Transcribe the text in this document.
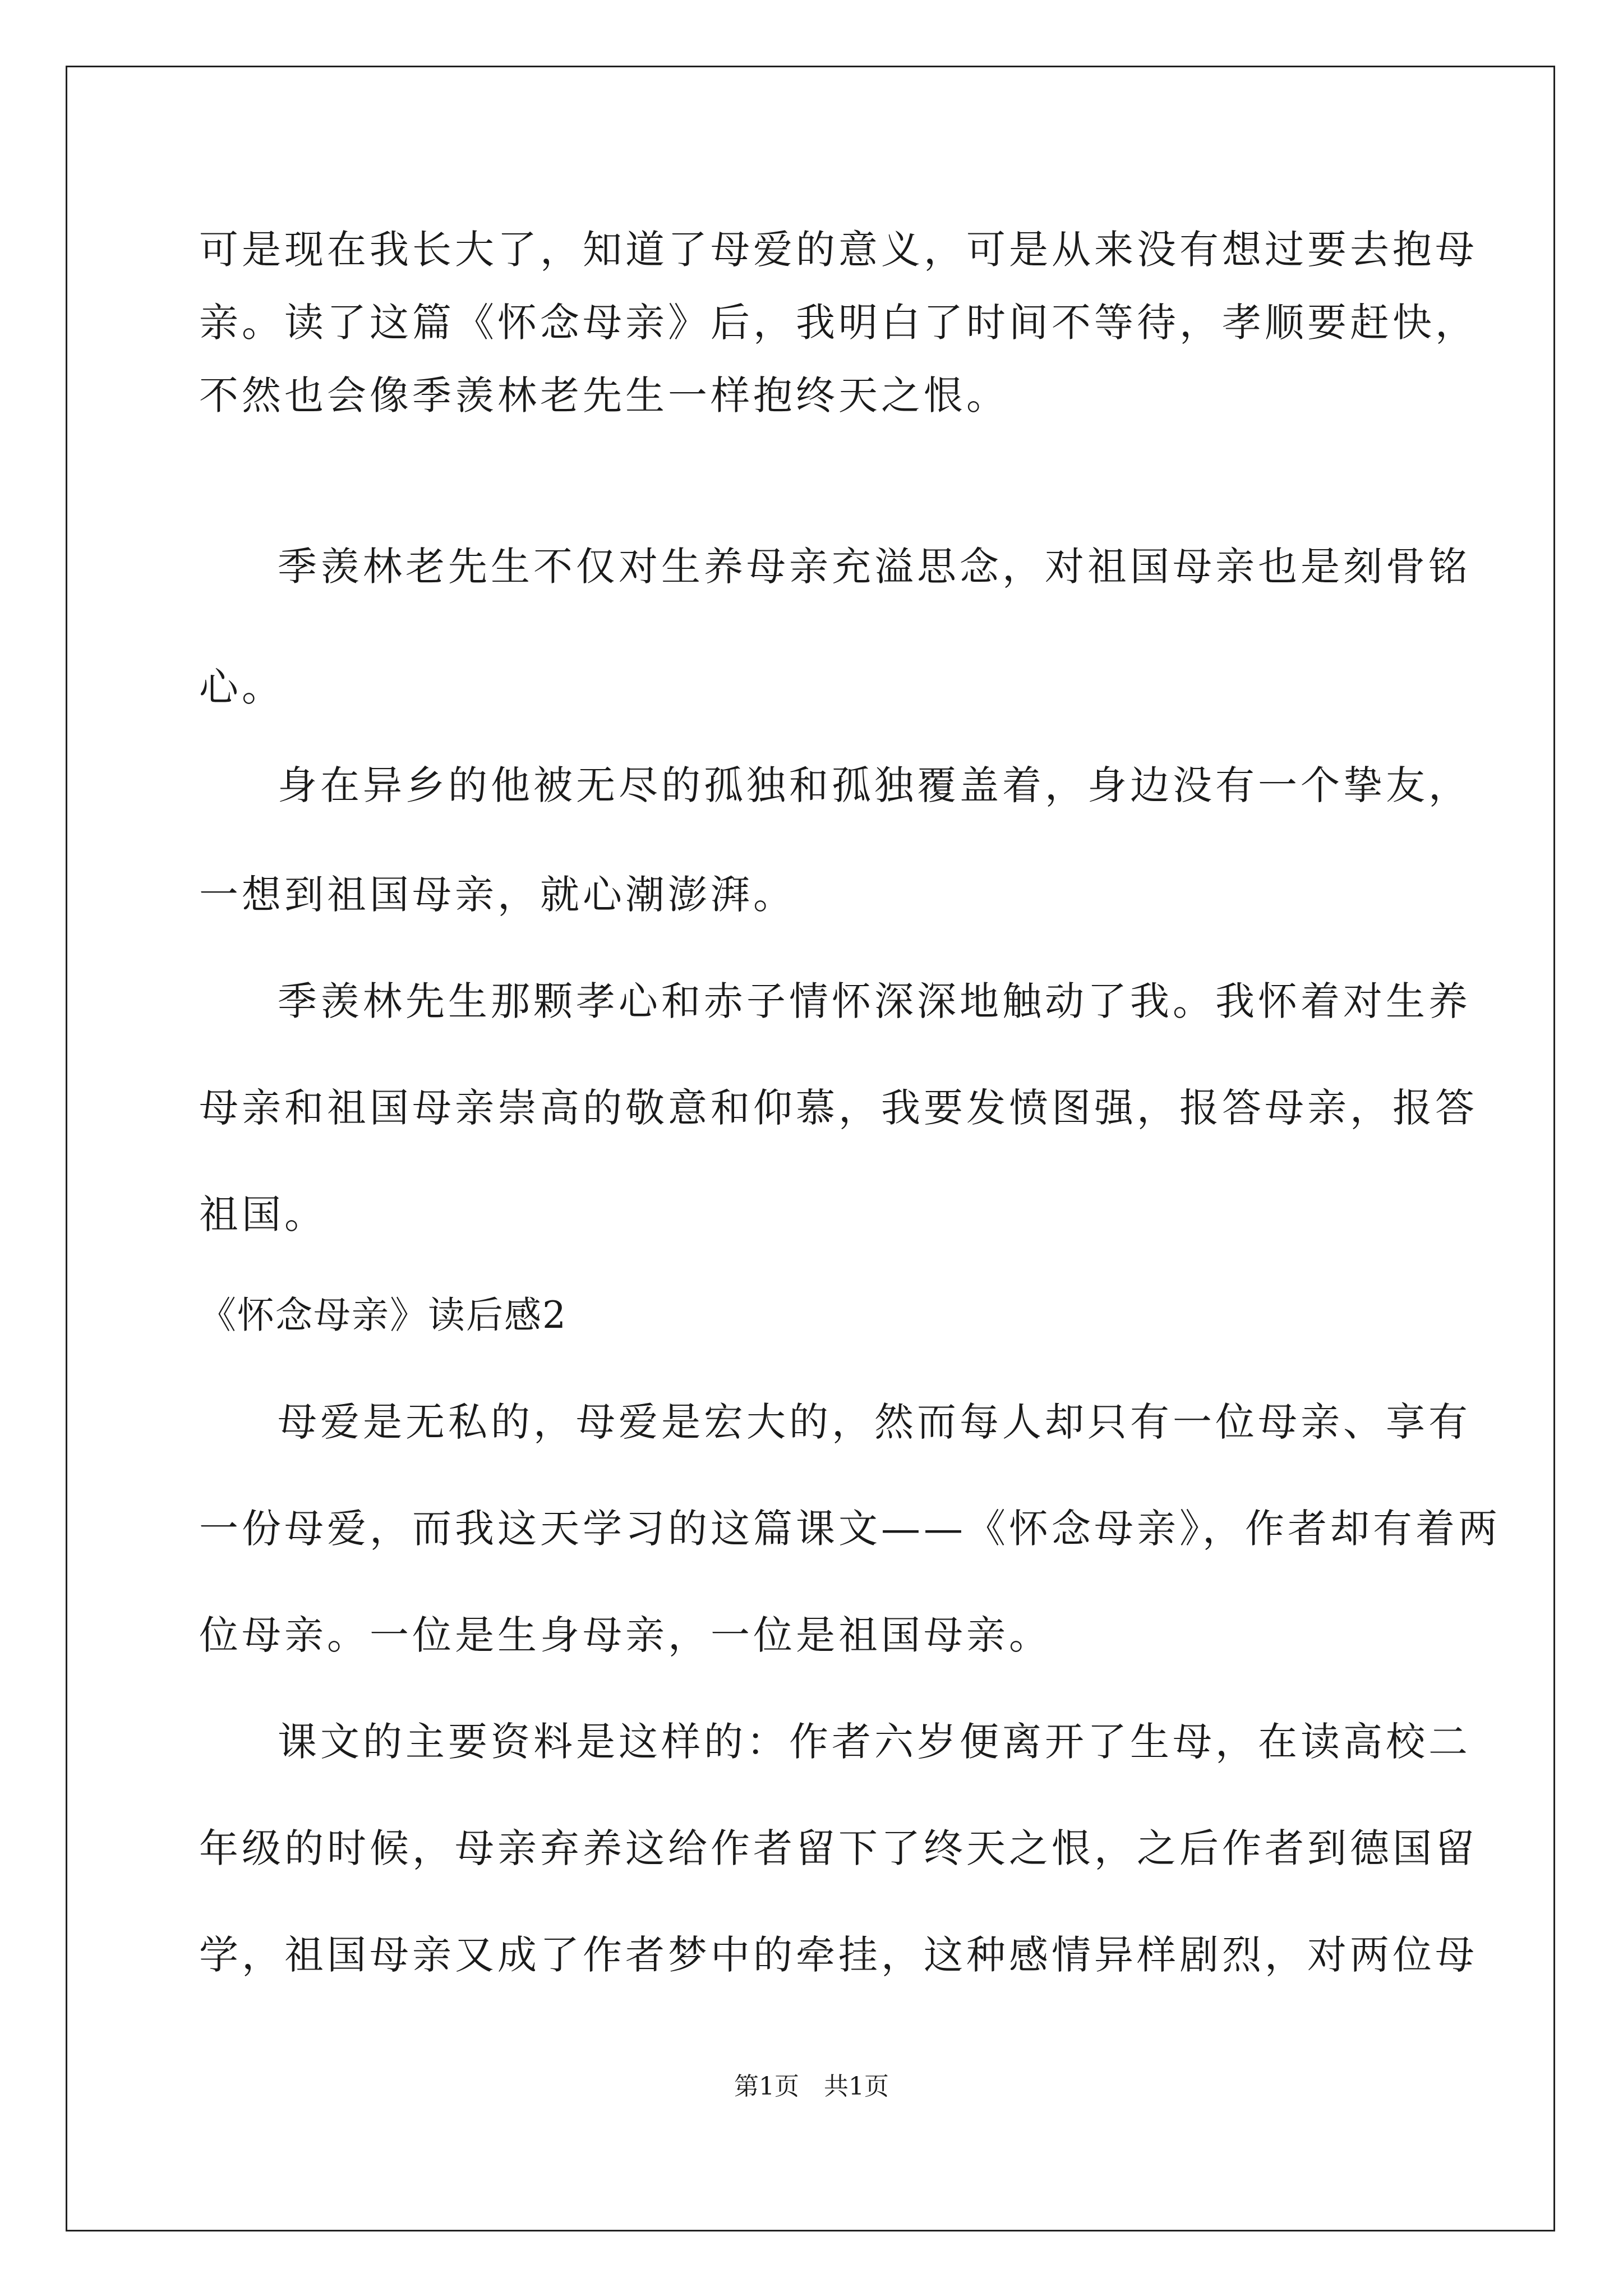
可是现在我长大了，知道了母爱的意义，可是从来没有想过要去抱母
亲。读了这篇《怀念母亲》后，我明白了时间不等待，孝顺要赶快，
不然也会像季羡林老先生一样抱终天之恨。
季羡林老先生不仅对生养母亲充溢思念，对祖国母亲也是刻骨铭
心。
身在异乡的他被无尽的孤独和孤独覆盖着，身边没有一个挚友，
一想到祖国母亲，就心潮澎湃。
季羡林先生那颗孝心和赤子情怀深深地触动了我。我怀着对生养
母亲和祖国母亲崇高的敬意和仰慕，我要发愤图强，报答母亲，报答
祖国。
《怀念母亲》读后感2
母爱是无私的，母爱是宏大的，然而每人却只有一位母亲、享有
一份母爱，而我这天学习的这篇课文——《怀念母亲》，作者却有着两
位母亲。一位是生身母亲，一位是祖国母亲。
课文的主要资料是这样的：作者六岁便离开了生母，在读高校二
年级的时候，母亲弃养这给作者留下了终天之恨，之后作者到德国留
学，祖国母亲又成了作者梦中的牵挂，这种感情异样剧烈，对两位母
第1页　共1页
